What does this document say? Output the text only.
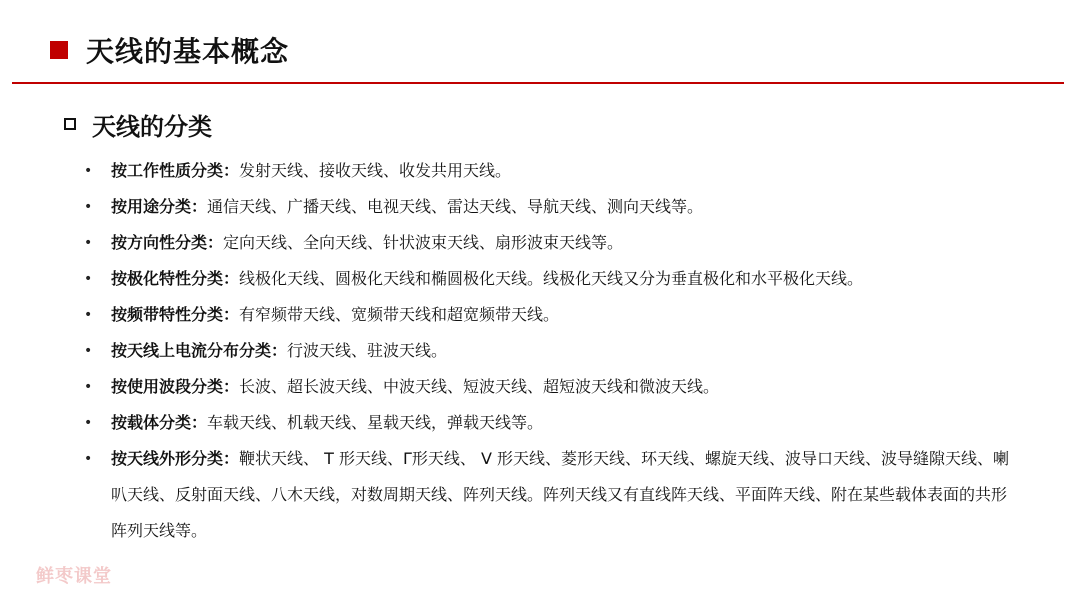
天线的基本概念
天线的分类
•	按工作性质分类：发射天线、接收天线、收发共用天线。
•	按用途分类：通信天线、广播天线、电视天线、雷达天线、导航天线、测向天线等。
•	按方向性分类：定向天线、全向天线、针状波束天线、扇形波束天线等。
•	按极化特性分类：线极化天线、圆极化天线和椭圆极化天线。线极化天线又分为垂直极化和水平极化天线。
•	按频带特性分类：有窄频带天线、宽频带天线和超宽频带天线。
•	按天线上电流分布分类：行波天线、驻波天线。
•	按使用波段分类：长波、超长波天线、中波天线、短波天线、超短波天线和微波天线。
•	按载体分类：车载天线、机载天线、星载天线，弹载天线等。
•	按天线外形分类：鞭状天线、 T 形天线、Γ形天线、 V 形天线、菱形天线、环天线、螺旋天线、波导口天线、波导缝隙天线、喇叭天线、反射面天线、八木天线，对数周期天线、阵列天线。阵列天线又有直线阵天线、平面阵天线、附在某些载体表面的共形阵列天线等。
鲜枣课堂
